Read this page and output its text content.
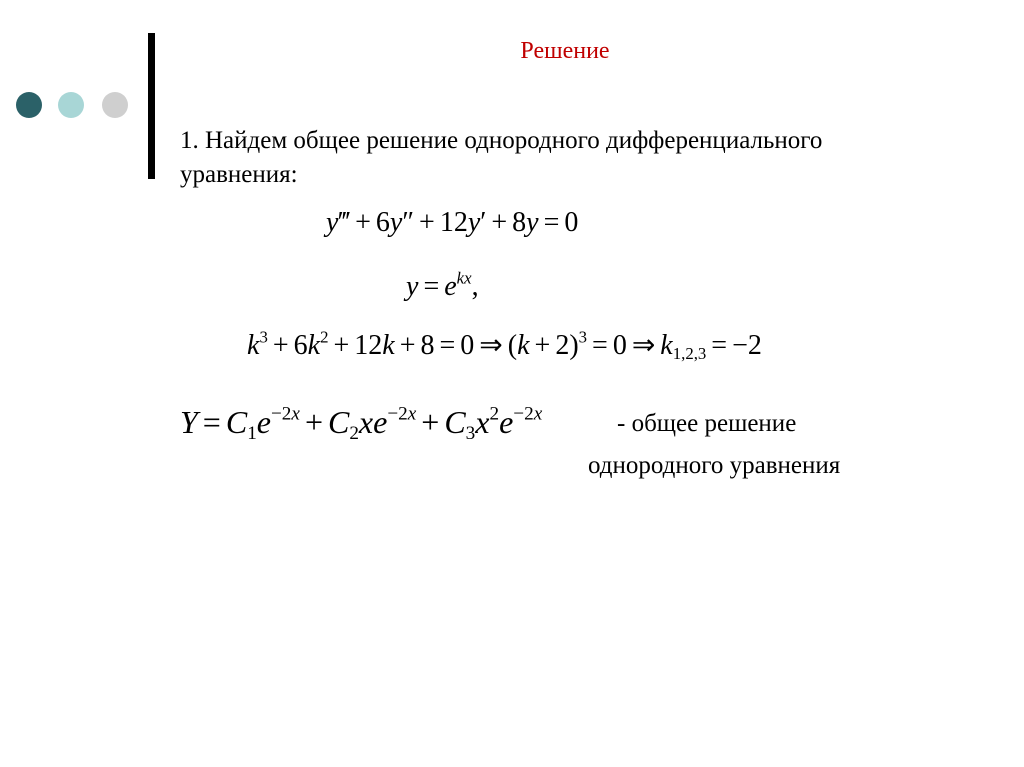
Решение
1. Найдем общее решение однородного дифференциального
уравнения:
y‴ + 6y″ + 12y′ + 8y = 0
$y = e^{kx}$,
$k^3 + 6k^2 + 12k + 8 = 0$ ⇒ $(k + 2)^3 = 0$ ⇒ $k_{1,2,3} = -2$
$Y = C_1e^{-2x} + C_2xe^{-2x} + C_3x^2e^{-2x}$	- общее решение
однородного уравнения
